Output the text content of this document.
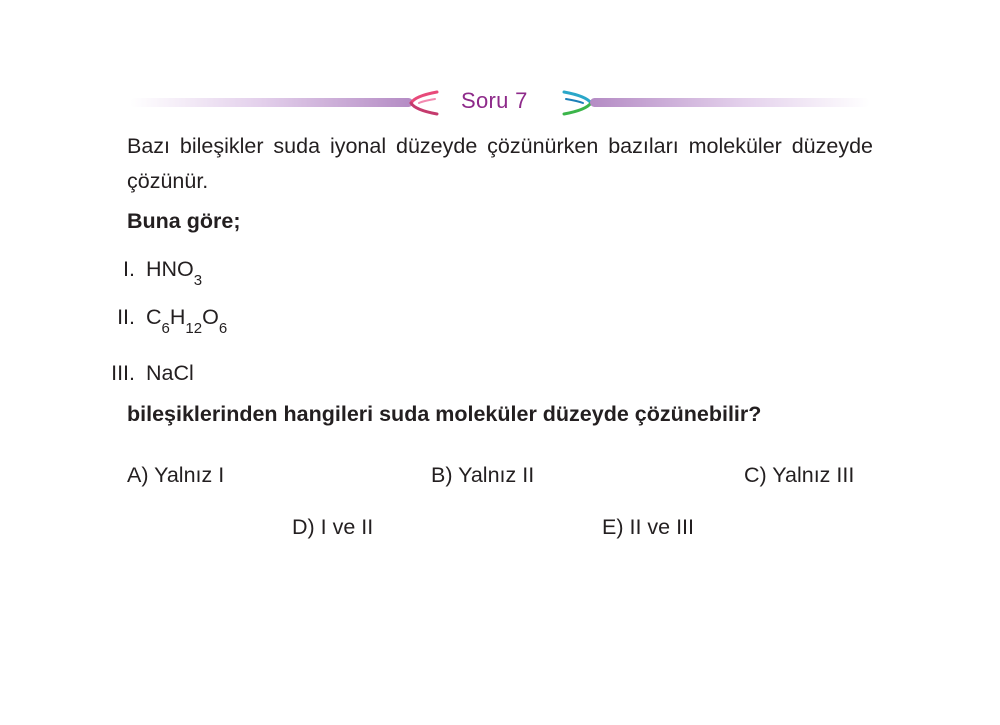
Soru 7
Bazı bileşikler suda iyonal düzeyde çözünürken bazıları moleküler düzeyde çözünür.
Buna göre;
I. $HNO_3$
II. $C_6H_{12}O_6$
III. NaCl
bileşiklerinden hangileri suda moleküler düzeyde çözünebilir?
A) Yalnız I	B) Yalnız II	C) Yalnız III
D) I ve II	E) II ve III
